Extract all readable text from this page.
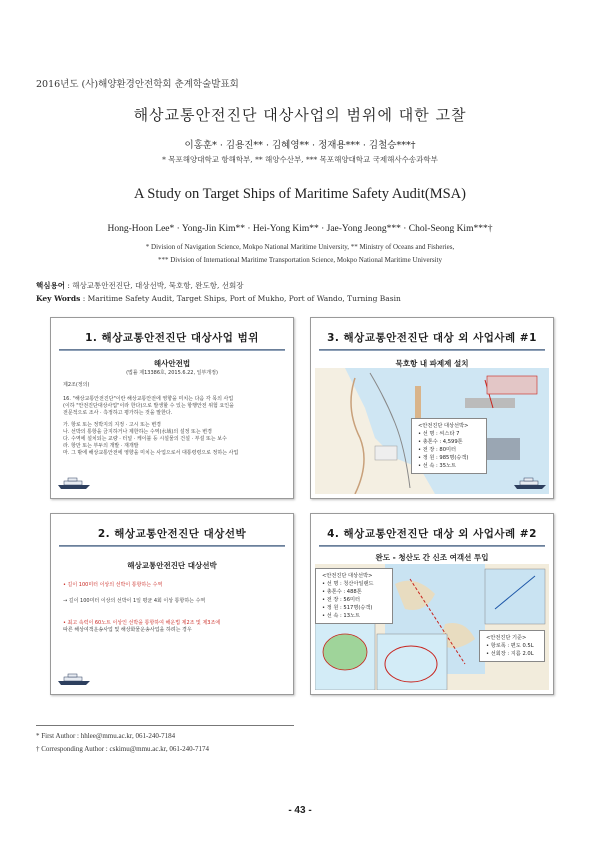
2016년도 (사)해양환경안전학회 춘계학술발표회
해상교통안전진단 대상사업의 범위에 대한 고찰
이홍훈* · 김용진** · 김혜영** · 정재용*** · 김철승***†
* 목포해양대학교 항해학부, ** 해양수산부, *** 목포해양대학교 국제해사수송과학부
A Study on Target Ships of Maritime Safety Audit(MSA)
Hong-Hoon Lee* · Yong-Jin Kim** · Hei-Yong Kim** · Jae-Yong Jeong*** · Chol-Seong Kim***†
* Division of Navigation Science, Mokpo National Maritime University, ** Ministry of Oceans and Fisheries,
*** Division of International Maritime Transportation Science, Mokpo National Maritime University
핵심용어 : 해상교통안전진단, 대상선박, 묵호항, 완도항, 선회장
Key Words : Maritime Safety Audit, Target Ships, Port of Mukho, Port of Wando, Turning Basin
1. 해상교통안전진단 대상사업 범위
해사안전법
(법률 제13386호, 2015.6.22, 일부개정)
제2조(정의)
16. "해상교통안전진단"이란 해상교통안전에 영향을 미치는 다음 각 목의 사업
(이하 "안전진단대상사업"이라 한다)으로 발생할 수 있는 항행안전 위험 요인을
전문적으로 조사 · 측정하고 평가하는 것을 말한다.
가. 항로 또는 정박지의 지정 · 고시 또는 변경
나. 선박의 통항을 금지하거나 제한하는 수역(水域)의 설정 또는 변경
다. 수역에 설치되는 교량 · 터널 · 케이블 등 시설물의 건설 · 부설 또는 보수
라. 항만 또는 부두의 개발 · 재개발
마. 그 밖에 해상교통안전에 영향을 미치는 사업으로서 대통령령으로 정하는 사업
3. 해상교통안전진단 대상 외 사업사례 #1
묵호항 내 파제제 설치
<안전진단 대상선박>
• 선 명 : 씨스타 7
• 총톤수 : 4,599톤
• 전 장 : 80미터
• 정 원 : 985명(승객)
• 선 속 : 35노트
2. 해상교통안전진단 대상선박
해상교통안전진단 대상선박
• 길이 100미터 이상의 선박이 통항하는 수역
→ 길이 100미터 이상의 선박이 1일 평균 4회 이상 통항하는 수역
• 최고 속력이 60노트 이상인 선박을 통항하여 해운법 제2조 및 제3조에
따른 해상여객운송사업 및 해상화물운송사업을 하려는 경우
4. 해상교통안전진단 대상 외 사업사례 #2
완도 - 청산도 간 신조 여객선 투입
<안전진단 대상선박>
• 선 명 : 청산아일랜드
• 총톤수 : 488톤
• 전 장 : 56미터
• 정 원 : 517명(승객)
• 선 속 : 13노트
<안전진단 기준>
• 항로폭 : 편도 0.5L
• 선회장 : 지름 2.0L
* First Author : hhlee@mmu.ac.kr, 061-240-7184
† Corresponding Author : cskimu@mmu.ac.kr, 061-240-7174
- 43 -
